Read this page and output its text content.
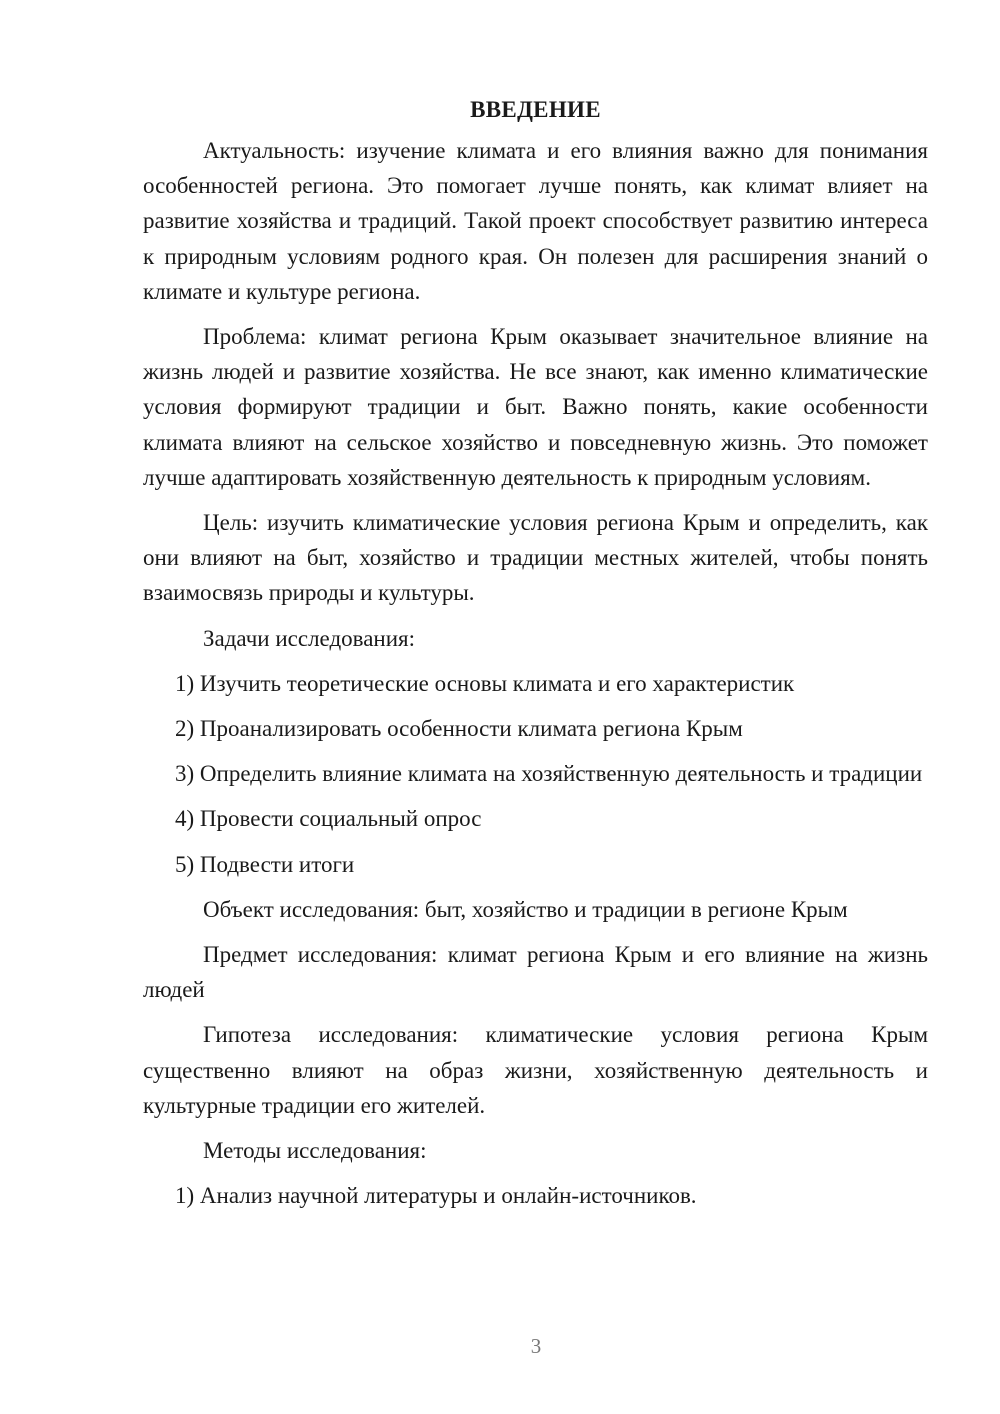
ВВЕДЕНИЕ

Актуальность: изучение климата и его влияния важно для понимания особенностей региона. Это помогает лучше понять, как климат влияет на развитие хозяйства и традиций. Такой проект способствует развитию интереса к природным условиям родного края. Он полезен для расширения знаний о климате и культуре региона.

Проблема: климат региона Крым оказывает значительное влияние на жизнь людей и развитие хозяйства. Не все знают, как именно климатические условия формируют традиции и быт. Важно понять, какие особенности климата влияют на сельское хозяйство и повседневную жизнь. Это поможет лучше адаптировать хозяйственную деятельность к природным условиям.

Цель: изучить климатические условия региона Крым и определить, как они влияют на быт, хозяйство и традиции местных жителей, чтобы понять взаимосвязь природы и культуры.

Задачи исследования:

1) Изучить теоретические основы климата и его характеристик

2) Проанализировать особенности климата региона Крым

3) Определить влияние климата на хозяйственную деятельность и традиции

4) Провести социальный опрос

5) Подвести итоги

Объект исследования: быт, хозяйство и традиции в регионе Крым

Предмет исследования: климат региона Крым и его влияние на жизнь людей

Гипотеза исследования: климатические условия региона Крым существенно влияют на образ жизни, хозяйственную деятельность и культурные традиции его жителей.

Методы исследования:

1) Анализ научной литературы и онлайн-источников.

3
